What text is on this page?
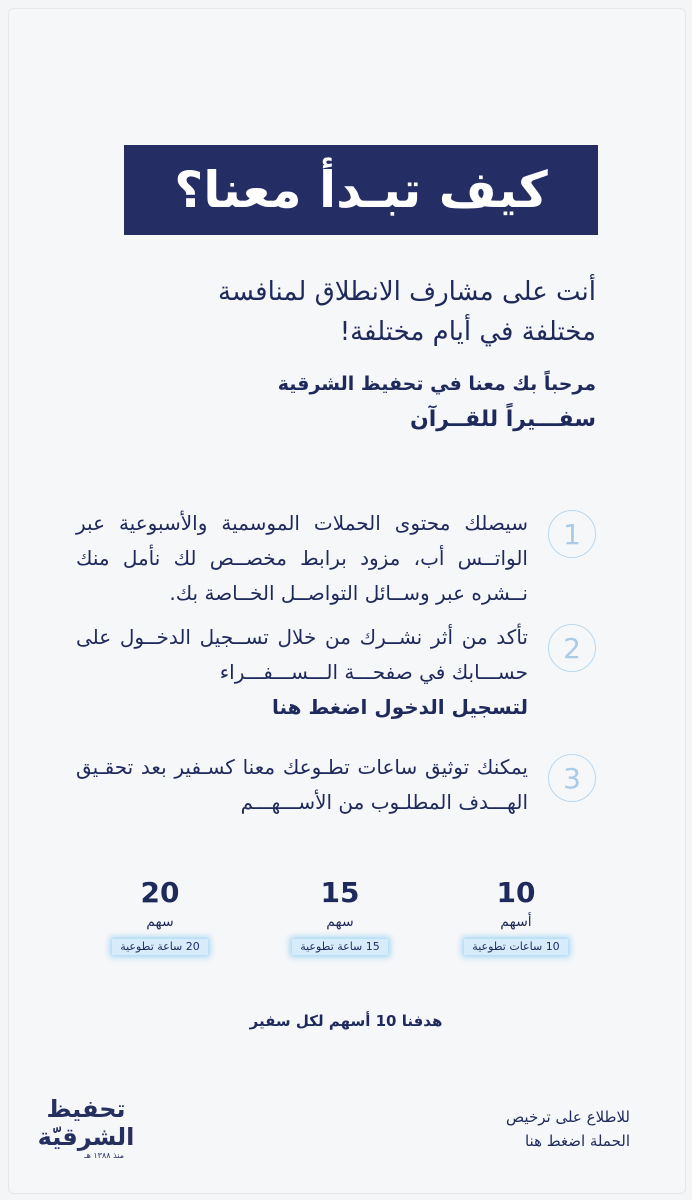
كيف تبـدأ معنا؟
أنت على مشارف الانطلاق لمنافسة
مختلفة في أيام مختلفة!
مرحباً بك معنا في تحفيظ الشرقية
سفـــيراً للقــرآن
1
سيصلك محتوى الحملات الموسمية والأسبوعية عبر الواتــس أب، مزود برابط مخصــص لك نأمل منك نــشره عبر وســائل التواصــل الخــاصة بك.
2
تأكد من أثر نشــرك من خلال تســجيل الدخــول على حســـابك في صفحـــة الـــســـفـــراء
لتسجيل الدخول اضغط هنا
3
يمكنك توثيق ساعات تطـوعك معنا كسـفير بعد تحقـيق الهـــدف المطلـوب من الأســـهـــم
20
سهم
20 ساعة تطوعية
15
سهم
15 ساعة تطوعية
10
أسهم
10 ساعات تطوعية
هدفنا 10 أسهم لكل سفير
تحفيظ
الشرقيّة
منذ ١٣٨٨ هـ
للاطلاع على ترخيص
الحملة اضغط هنا
